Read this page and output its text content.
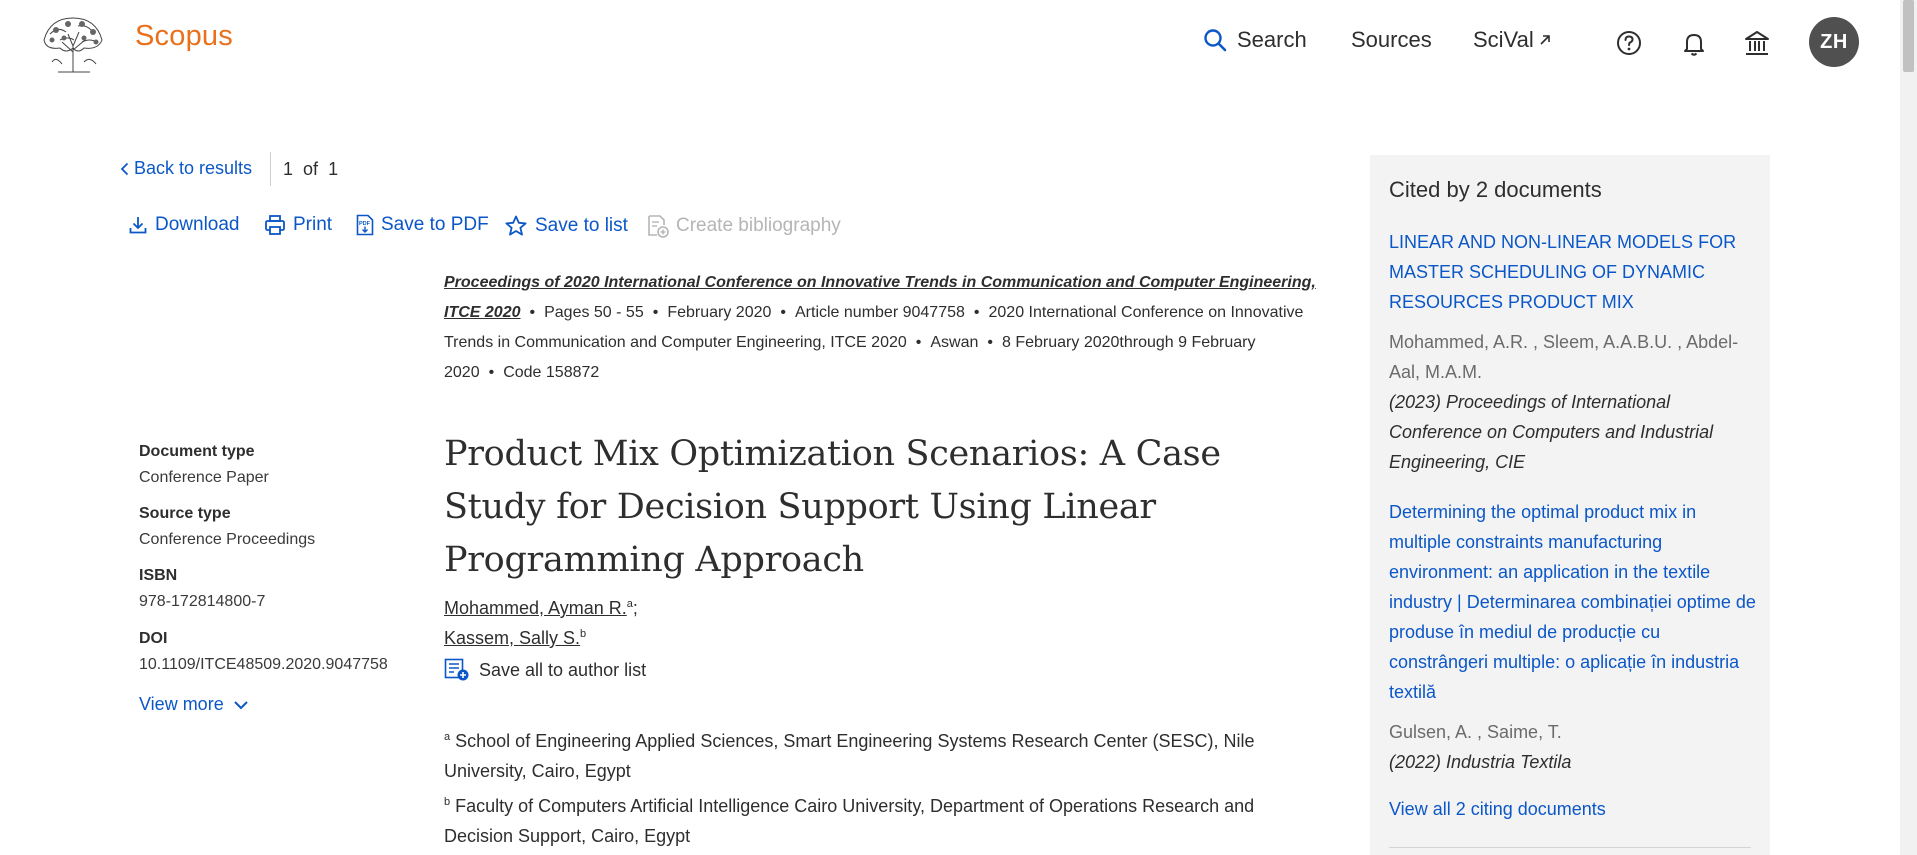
Scopus	Search Sources SciVal	ZH
Back to results 1 of 1
Download	Print	PDF Save to PDF Save to list	Create bibliography
Proceedings of 2020 International Conference on Innovative Trends in Communication and Computer Engineering, ITCE 2020 • Pages 50 - 55 • February 2020 • Article number 9047758 • 2020 International Conference on Innovative Trends in Communication and Computer Engineering, ITCE 2020 • Aswan • 8 February 2020through 9 February 2020 • Code 158872
Document type
Conference Paper
Source type
Conference Proceedings
ISBN
978-172814800-7
DOI
10.1109/ITCE48509.2020.9047758
View more
Product Mix Optimization Scenarios: A Case Study for Decision Support Using Linear Programming Approach
Mohammed, Ayman R.$^a$;
Kassem, Sally S.$^b$
Save all to author list
$^a$ School of Engineering Applied Sciences, Smart Engineering Systems Research Center (SESC), Nile University, Cairo, Egypt
$^b$ Faculty of Computers Artificial Intelligence Cairo University, Department of Operations Research and Decision Support, Cairo, Egypt
Cited by 2 documents
LINEAR AND NON-LINEAR MODELS FOR MASTER SCHEDULING OF DYNAMIC RESOURCES PRODUCT MIX
Mohammed, A.R. , Sleem, A.A.B.U. , Abdel-Aal, M.A.M.
(2023) Proceedings of International Conference on Computers and Industrial Engineering, CIE
Determining the optimal product mix in multiple constraints manufacturing environment: an application in the textile industry | Determinarea combinației optime de produse în mediul de producție cu constrângeri multiple: o aplicație în industria textilă
Gulsen, A. , Saime, T.
(2022) Industria Textila
View all 2 citing documents
